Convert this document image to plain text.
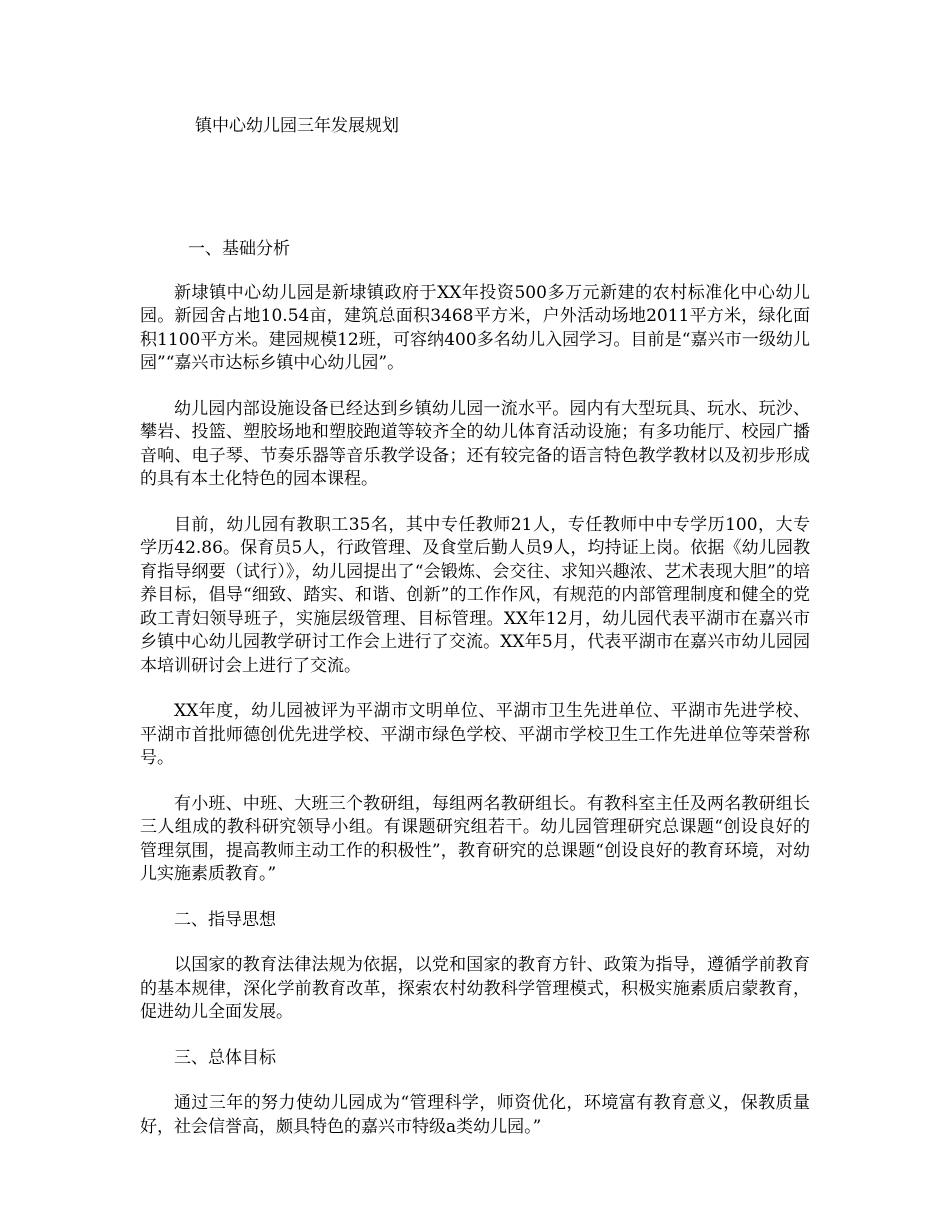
镇中心幼儿园三年发展规划

一、基础分析

新埭镇中心幼儿园是新埭镇政府于XX年投资500多万元新建的农村标准化中心幼儿园。新园舍占地10.54亩，建筑总面积3468平方米，户外活动场地2011平方米，绿化面积1100平方米。建园规模12班，可容纳400多名幼儿入园学习。目前是“嘉兴市一级幼儿园”“嘉兴市达标乡镇中心幼儿园”。

幼儿园内部设施设备已经达到乡镇幼儿园一流水平。园内有大型玩具、玩水、玩沙、攀岩、投篮、塑胶场地和塑胶跑道等较齐全的幼儿体育活动设施；有多功能厅、校园广播音响、电子琴、节奏乐器等音乐教学设备；还有较完备的语言特色教学教材以及初步形成的具有本土化特色的园本课程。

目前，幼儿园有教职工35名，其中专任教师21人，专任教师中中专学历100，大专学历42.86。保育员5人，行政管理、及食堂后勤人员9人，均持证上岗。依据《幼儿园教育指导纲要（试行）》，幼儿园提出了“会锻炼、会交往、求知兴趣浓、艺术表现大胆”的培养目标，倡导“细致、踏实、和谐、创新”的工作作风，有规范的内部管理制度和健全的党政工青妇领导班子，实施层级管理、目标管理。XX年12月，幼儿园代表平湖市在嘉兴市乡镇中心幼儿园教学研讨工作会上进行了交流。XX年5月，代表平湖市在嘉兴市幼儿园园本培训研讨会上进行了交流。

XX年度，幼儿园被评为平湖市文明单位、平湖市卫生先进单位、平湖市先进学校、平湖市首批师德创优先进学校、平湖市绿色学校、平湖市学校卫生工作先进单位等荣誉称号。

有小班、中班、大班三个教研组，每组两名教研组长。有教科室主任及两名教研组长三人组成的教科研究领导小组。有课题研究组若干。幼儿园管理研究总课题“创设良好的管理氛围，提高教师主动工作的积极性”，教育研究的总课题“创设良好的教育环境，对幼儿实施素质教育。”

二、指导思想

以国家的教育法律法规为依据，以党和国家的教育方针、政策为指导，遵循学前教育的基本规律，深化学前教育改革，探索农村幼教科学管理模式，积极实施素质启蒙教育，促进幼儿全面发展。

三、总体目标

通过三年的努力使幼儿园成为“管理科学，师资优化，环境富有教育意义，保教质量好，社会信誉高，颇具特色的嘉兴市特级a类幼儿园。”
